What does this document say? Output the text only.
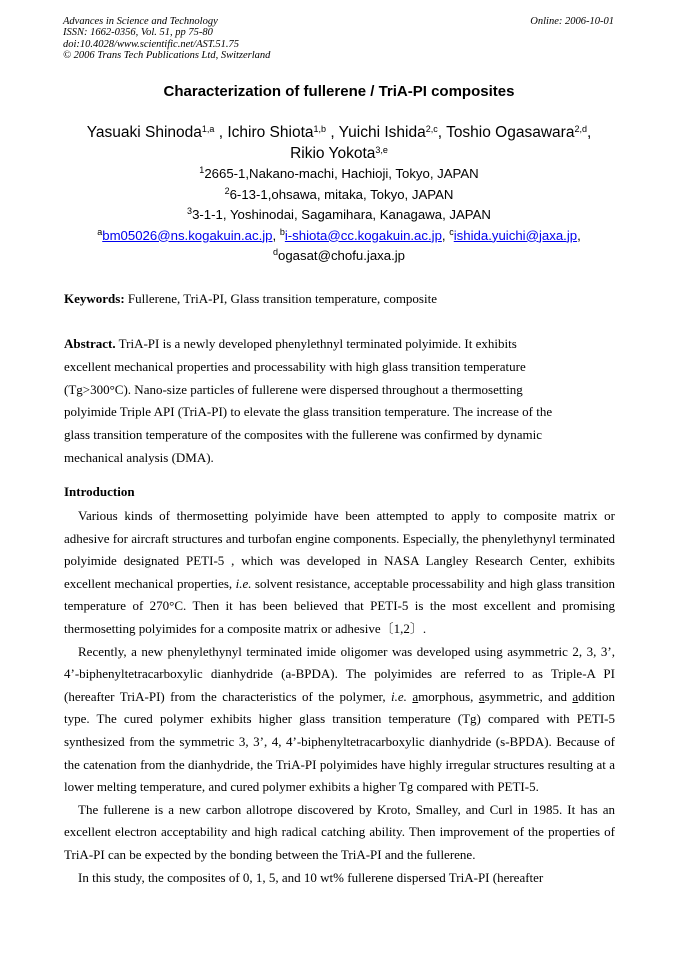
Advances in Science and Technology
ISSN: 1662-0356, Vol. 51, pp 75-80
doi:10.4028/www.scientific.net/AST.51.75
© 2006 Trans Tech Publications Ltd, Switzerland
Online: 2006-10-01
Characterization of fullerene / TriA-PI composites
Yasuaki Shinoda$^{1,a}$ , Ichiro Shiota$^{1,b}$ , Yuichi Ishida$^{2,c}$, Toshio Ogasawara$^{2,d}$,
Rikio Yokota$^{3,e}$
$^1$2665-1,Nakano-machi, Hachioji, Tokyo, JAPAN
$^2$6-13-1,ohsawa, mitaka, Tokyo, JAPAN
$^3$3-1-1, Yoshinodai, Sagamihara, Kanagawa, JAPAN
$^a$bm05026@ns.kogakuin.ac.jp, $^b$i-shiota@cc.kogakuin.ac.jp, $^c$ishida.yuichi@jaxa.jp,
$^d$ogasat@chofu.jaxa.jp
Keywords: Fullerene, TriA-PI, Glass transition temperature, composite
Abstract. TriA-PI is a newly developed phenylethnyl terminated polyimide. It exhibits
excellent mechanical properties and processability with high glass transition temperature
(Tg>300°C). Nano-size particles of fullerene were dispersed throughout a thermosetting
polyimide Triple API (TriA-PI) to elevate the glass transition temperature. The increase of the
glass transition temperature of the composites with the fullerene was confirmed by dynamic
mechanical analysis (DMA).
Introduction

Various kinds of thermosetting polyimide have been attempted to apply to composite matrix or adhesive for aircraft structures and turbofan engine components. Especially, the phenylethynyl terminated polyimide designated PETI-5 , which was developed in NASA Langley Research Center, exhibits excellent mechanical properties, i.e. solvent resistance, acceptable processability and high glass transition temperature of 270°C. Then it has been believed that PETI-5 is the most excellent and promising thermosetting polyimides for a composite matrix or adhesive〔1,2〕.

Recently, a new phenylethynyl terminated imide oligomer was developed using asymmetric 2, 3, 3’, 4’-biphenyltetracarboxylic dianhydride (a-BPDA). The polyimides are referred to as Triple-A PI (hereafter TriA-PI) from the characteristics of the polymer, i.e. amorphous, asymmetric, and addition type. The cured polymer exhibits higher glass transition temperature (Tg) compared with PETI-5 synthesized from the symmetric 3, 3’, 4, 4’-biphenyltetracarboxylic dianhydride (s-BPDA). Because of the catenation from the dianhydride, the TriA-PI polyimides have highly irregular structures resulting at a lower melting temperature, and cured polymer exhibits a higher Tg compared with PETI-5.

The fullerene is a new carbon allotrope discovered by Kroto, Smalley, and Curl in 1985. It has an excellent electron acceptability and high radical catching ability. Then improvement of the properties of TriA-PI can be expected by the bonding between the TriA-PI and the fullerene.

In this study, the composites of 0, 1, 5, and 10 wt% fullerene dispersed TriA-PI (hereafter
